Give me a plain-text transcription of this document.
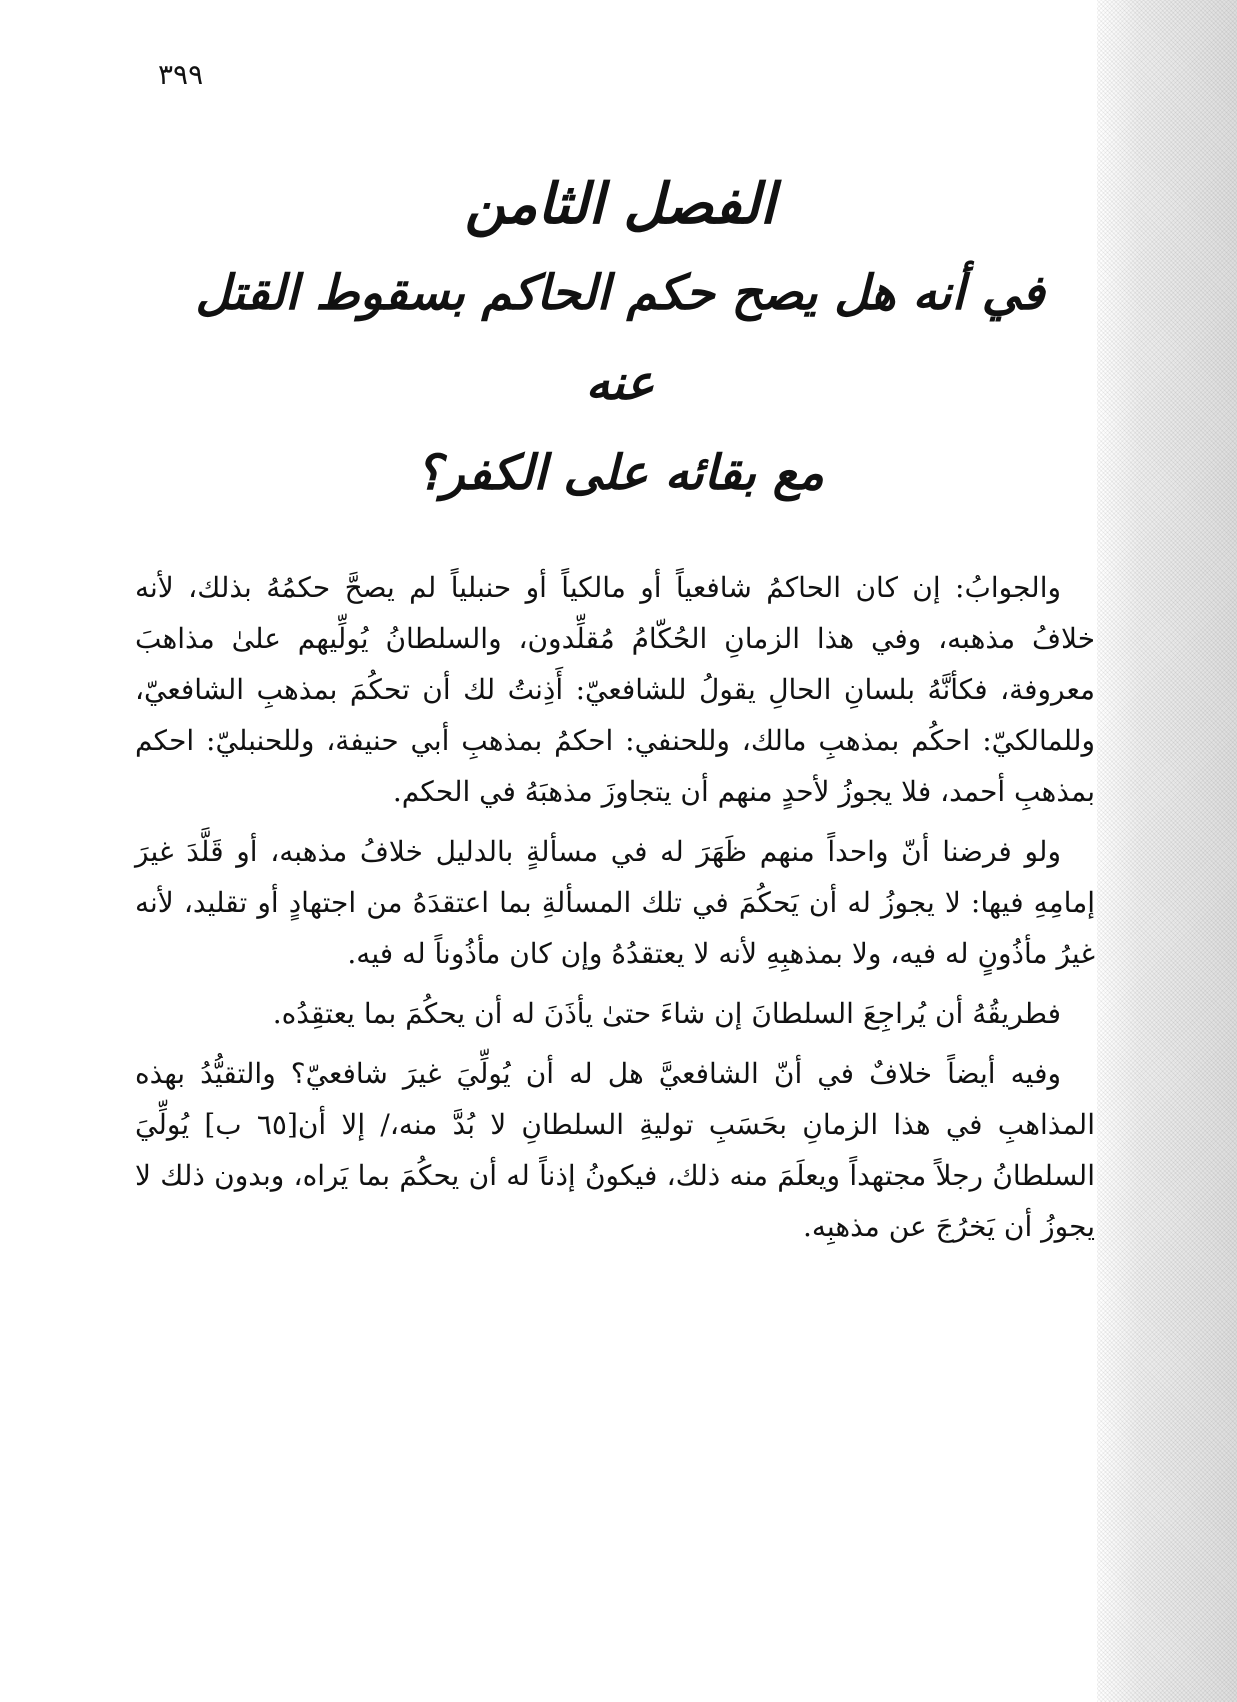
٣٩٩

الفصل الثامن

في أنه هل يصح حكم الحاكم بسقوط القتل عنه

مع بقائه على الكفر؟

والجوابُ: إن كان الحاكمُ شافعياً أو مالكياً أو حنبلياً لم يصحَّ حكمُهُ بذلك، لأنه خلافُ مذهبه، وفي هذا الزمانِ الحُكّامُ مُقلِّدون، والسلطانُ يُولِّيهم علىٰ مذاهبَ معروفة، فكأنَّهُ بلسانِ الحالِ يقولُ للشافعيّ: أَذِنتُ لك أن تحكُمَ بمذهبِ الشافعيّ، وللمالكيّ: احكُم بمذهبِ مالك، وللحنفي: احكمُ بمذهبِ أبي حنيفة، وللحنبليّ: احكم بمذهبِ أحمد، فلا يجوزُ لأحدٍ منهم أن يتجاوزَ مذهبَهُ في الحكم.

ولو فرضنا أنّ واحداً منهم ظَهَرَ له في مسألةٍ بالدليل خلافُ مذهبه، أو قَلَّدَ غيرَ إمامِهِ فيها: لا يجوزُ له أن يَحكُمَ في تلك المسألةِ بما اعتقدَهُ من اجتهادٍ أو تقليد، لأنه غيرُ مأذُونٍ له فيه، ولا بمذهبِهِ لأنه لا يعتقدُهُ وإن كان مأذُوناً له فيه.

فطريقُهُ أن يُراجِعَ السلطانَ إن شاءَ حتىٰ يأذَنَ له أن يحكُمَ بما يعتقِدُه.

وفيه أيضاً خلافٌ في أنّ الشافعيَّ هل له أن يُولِّيَ غيرَ شافعيّ؟ والتقيُّدُ بهذه المذاهبِ في هذا الزمانِ بحَسَبِ توليةِ السلطانِ لا بُدَّ منه،/ إلا أن[٦٥ ب] يُولِّيَ السلطانُ رجلاً مجتهداً ويعلَمَ منه ذلك، فيكونُ إذناً له أن يحكُمَ بما يَراه، وبدون ذلك لا يجوزُ أن يَخرُجَ عن مذهبِه.
